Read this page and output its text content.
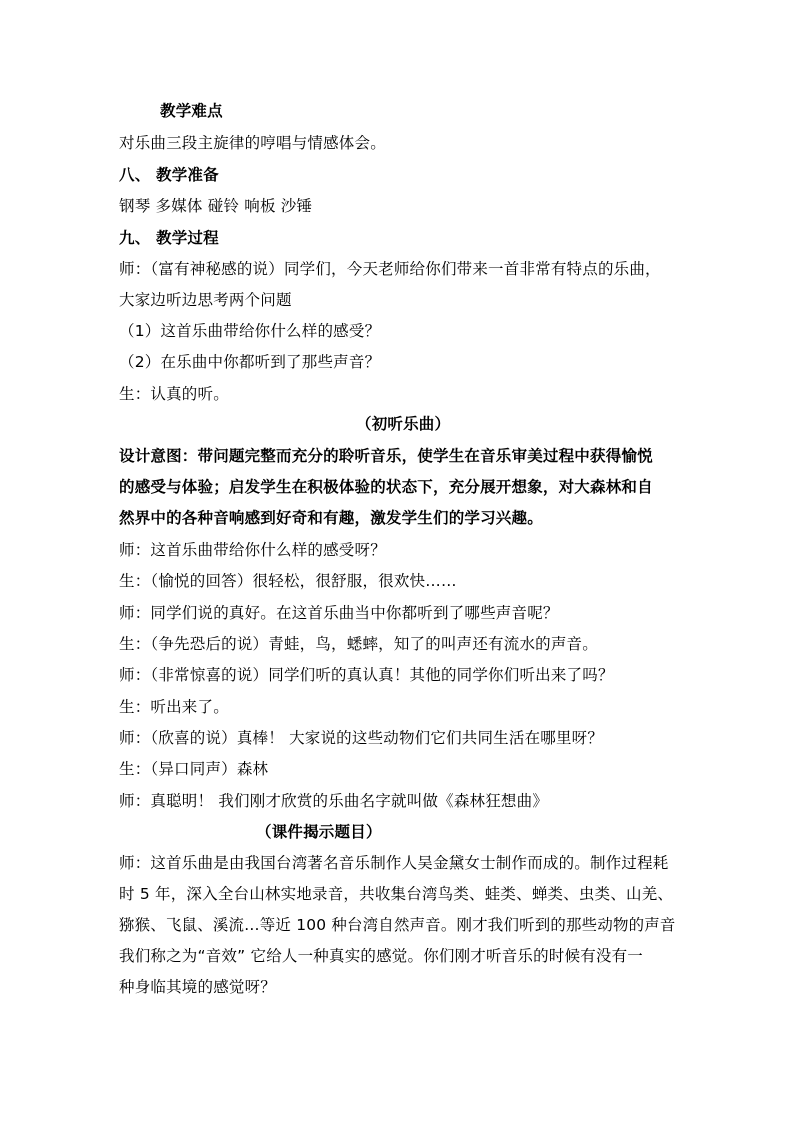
教学难点
对乐曲三段主旋律的哼唱与情感体会。
八、 教学准备
钢琴 多媒体 碰铃 响板 沙锤
九、 教学过程
师：（富有神秘感的说）同学们，今天老师给你们带来一首非常有特点的乐曲，
大家边听边思考两个问题
（1）这首乐曲带给你什么样的感受？
（2）在乐曲中你都听到了那些声音？
生：认真的听。
（初听乐曲）
设计意图：带问题完整而充分的聆听音乐，使学生在音乐审美过程中获得愉悦
的感受与体验；启发学生在积极体验的状态下，充分展开想象，对大森林和自
然界中的各种音响感到好奇和有趣，激发学生们的学习兴趣。
师：这首乐曲带给你什么样的感受呀？
生：（愉悦的回答）很轻松，很舒服，很欢快……
师：同学们说的真好。在这首乐曲当中你都听到了哪些声音呢？
生：（争先恐后的说）青蛙，鸟，蟋蟀，知了的叫声还有流水的声音。
师：（非常惊喜的说）同学们听的真认真！其他的同学你们听出来了吗？
生：听出来了。
师：（欣喜的说）真棒！ 大家说的这些动物们它们共同生活在哪里呀？
生：（异口同声）森林
师：真聪明！ 我们刚才欣赏的乐曲名字就叫做《森林狂想曲》
（课件揭示题目）
师：这首乐曲是由我国台湾著名音乐制作人吴金黛女士制作而成的。制作过程耗
时 5 年，深入全台山林实地录音，共收集台湾鸟类、蛙类、蝉类、虫类、山羌、
猕猴、飞鼠、溪流…等近 100 种台湾自然声音。刚才我们听到的那些动物的声音
我们称之为“音效” 它给人一种真实的感觉。你们刚才听音乐的时候有没有一
种身临其境的感觉呀？
